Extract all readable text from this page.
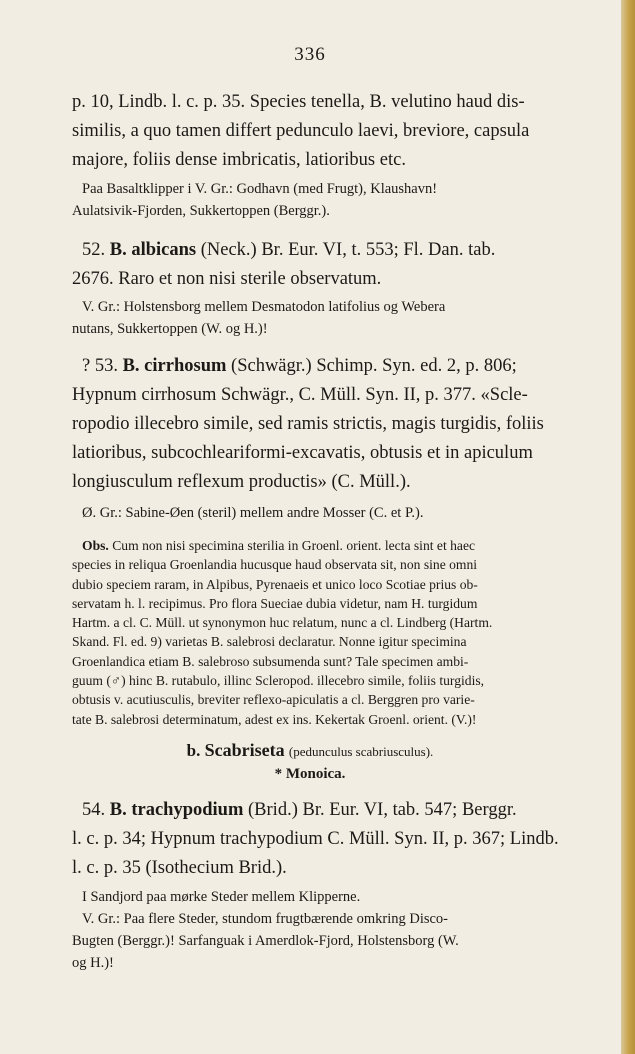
336
p. 10, Lindb. l. c. p. 35. Species tenella, B. velutino haud dis-
similis, a quo tamen differt pedunculo laevi, breviore, capsula
majore, foliis dense imbricatis, latioribus etc.
Paa Basaltklipper i V. Gr.: Godhavn (med Frugt), Klaushavn!
Aulatsivik-Fjorden, Sukkertoppen (Berggr.).
52. B. albicans (Neck.) Br. Eur. VI, t. 553; Fl. Dan. tab.
2676. Raro et non nisi sterile observatum.
V. Gr.: Holstensborg mellem Desmatodon latifolius og Webera
nutans, Sukkertoppen (W. og H.)!
? 53. B. cirrhosum (Schwägr.) Schimp. Syn. ed. 2, p. 806;
Hypnum cirrhosum Schwägr., C. Müll. Syn. II, p. 377. «Scle-
ropodio illecebro simile, sed ramis strictis, magis turgidis, foliis
latioribus, subcochleariformi-excavatis, obtusis et in apiculum
longiusculum reflexum productis» (C. Müll.).
Ø. Gr.: Sabine-Øen (steril) mellem andre Mosser (C. et P.).
Obs. Cum non nisi specimina sterilia in Groenl. orient. lecta sint et haec
species in reliqua Groenlandia hucusque haud observata sit, non sine omni
dubio speciem raram, in Alpibus, Pyrenaeis et unico loco Scotiae prius ob-
servatam h. l. recipimus. Pro flora Sueciae dubia videtur, nam H. turgidum
Hartm. a cl. C. Müll. ut synonymon huc relatum, nunc a cl. Lindberg (Hartm.
Skand. Fl. ed. 9) varietas B. salebrosi declaratur. Nonne igitur specimina
Groenlandica etiam B. salebroso subsumenda sunt? Tale specimen ambi-
guum (♂) hinc B. rutabulo, illinc Scleropod. illecebro simile, foliis turgidis,
obtusis v. acutiusculis, breviter reflexo-apiculatis a cl. Berggren pro varie-
tate B. salebrosi determinatum, adest ex ins. Kekertak Groenl. orient. (V.)!

b. Scabriseta (pedunculus scabriusculus).

* Monoica.

54. B. trachypodium (Brid.) Br. Eur. VI, tab. 547; Berggr.
l. c. p. 34; Hypnum trachypodium C. Müll. Syn. II, p. 367; Lindb.
l. c. p. 35 (Isothecium Brid.).
I Sandjord paa mørke Steder mellem Klipperne.
V. Gr.: Paa flere Steder, stundom frugtbærende omkring Disco-
Bugten (Berggr.)! Sarfanguak i Amerdlok-Fjord, Holstensborg (W.
og H.)!
